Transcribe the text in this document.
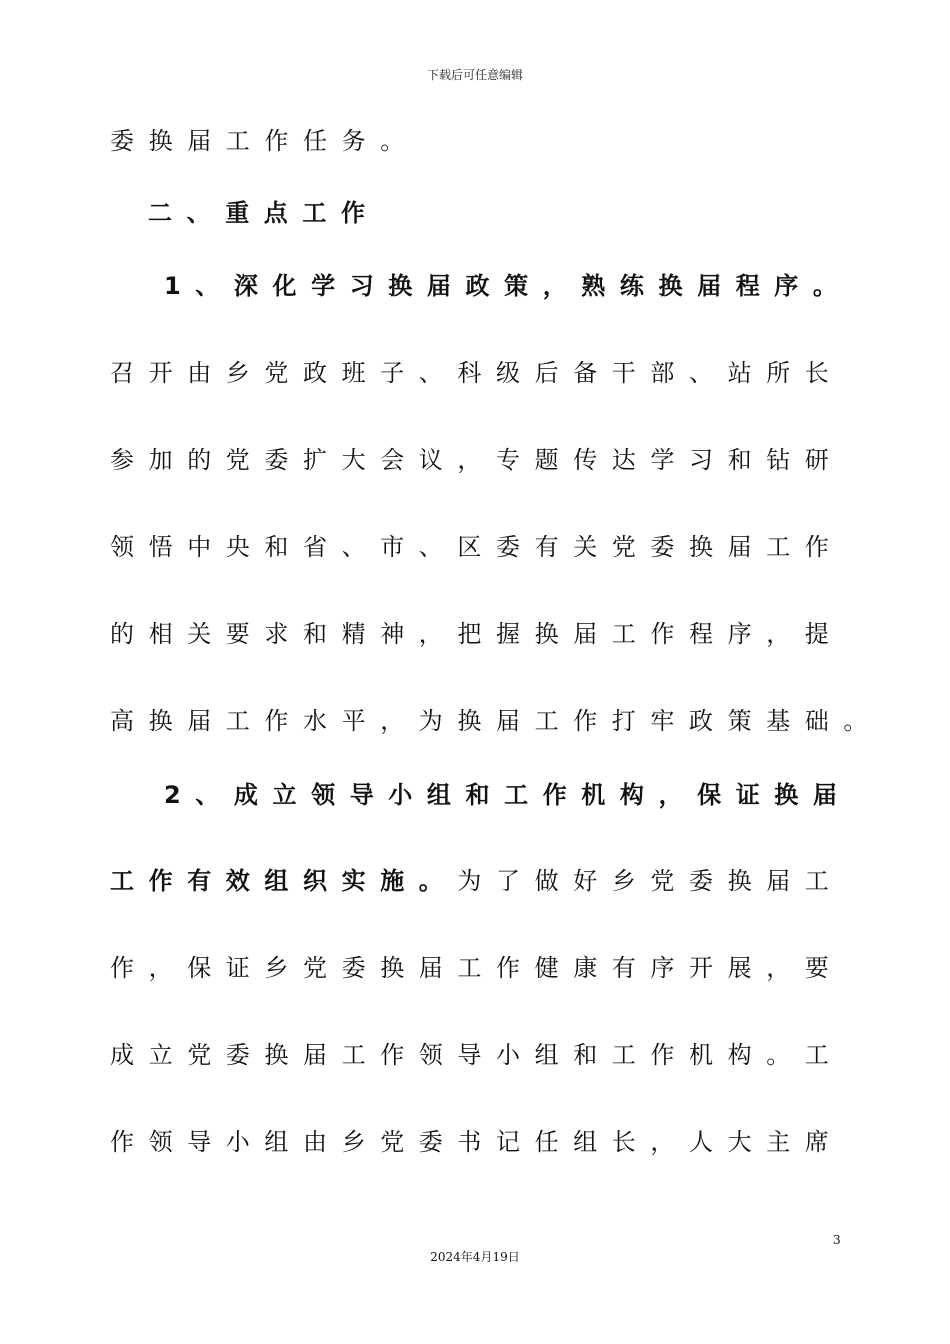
下载后可任意编辑
委换届工作任务。
二、重点工作
1、深化学习换届政策，熟练换届程序。
召开由乡党政班子、科级后备干部、站所长
参加的党委扩大会议，专题传达学习和钻研
领悟中央和省、市、区委有关党委换届工作
的相关要求和精神，把握换届工作程序，提
高换届工作水平，为换届工作打牢政策基础。
2、成立领导小组和工作机构，保证换届
工作有效组织实施。为了做好乡党委换届工
作，保证乡党委换届工作健康有序开展，要
成立党委换届工作领导小组和工作机构。工
作领导小组由乡党委书记任组长，人大主席
3
2024年4月19日
